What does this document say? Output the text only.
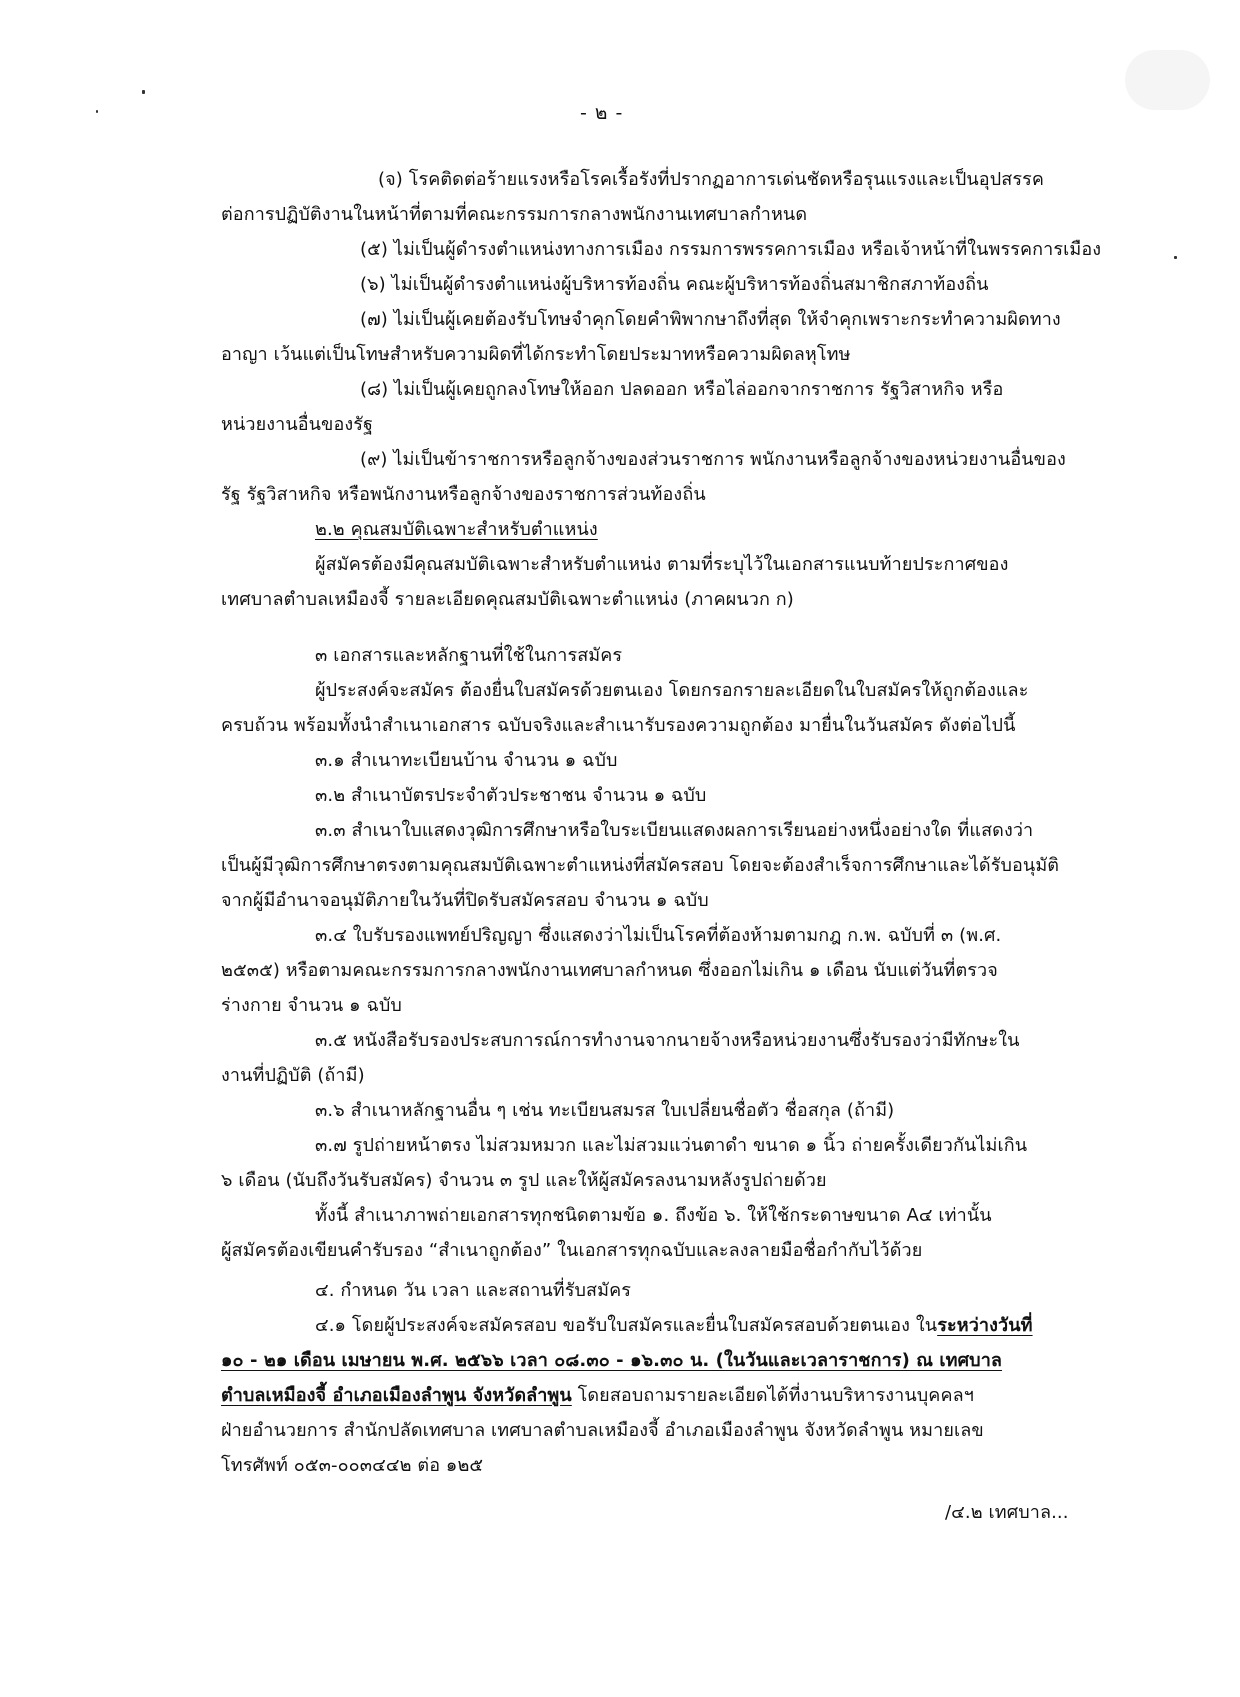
- ๒ -
(จ) โรคติดต่อร้ายแรงหรือโรคเรื้อรังที่ปรากฏอาการเด่นชัดหรือรุนแรงและเป็นอุปสรรค
ต่อการปฏิบัติงานในหน้าที่ตามที่คณะกรรมการกลางพนักงานเทศบาลกำหนด
(๕) ไม่เป็นผู้ดำรงตำแหน่งทางการเมือง กรรมการพรรคการเมือง หรือเจ้าหน้าที่ในพรรคการเมือง
(๖) ไม่เป็นผู้ดำรงตำแหน่งผู้บริหารท้องถิ่น คณะผู้บริหารท้องถิ่นสมาชิกสภาท้องถิ่น
(๗) ไม่เป็นผู้เคยต้องรับโทษจำคุกโดยคำพิพากษาถึงที่สุด ให้จำคุกเพราะกระทำความผิดทาง
อาญา เว้นแต่เป็นโทษสำหรับความผิดที่ได้กระทำโดยประมาทหรือความผิดลหุโทษ
(๘) ไม่เป็นผู้เคยถูกลงโทษให้ออก ปลดออก หรือไล่ออกจากราชการ รัฐวิสาหกิจ หรือ
หน่วยงานอื่นของรัฐ
(๙) ไม่เป็นข้าราชการหรือลูกจ้างของส่วนราชการ พนักงานหรือลูกจ้างของหน่วยงานอื่นของ
รัฐ รัฐวิสาหกิจ หรือพนักงานหรือลูกจ้างของราชการส่วนท้องถิ่น
๒.๒ คุณสมบัติเฉพาะสำหรับตำแหน่ง
ผู้สมัครต้องมีคุณสมบัติเฉพาะสำหรับตำแหน่ง ตามที่ระบุไว้ในเอกสารแนบท้ายประกาศของ
เทศบาลตำบลเหมืองจี้ รายละเอียดคุณสมบัติเฉพาะตำแหน่ง (ภาคผนวก ก)
๓ เอกสารและหลักฐานที่ใช้ในการสมัคร
ผู้ประสงค์จะสมัคร ต้องยื่นใบสมัครด้วยตนเอง โดยกรอกรายละเอียดในใบสมัครให้ถูกต้องและ
ครบถ้วน พร้อมทั้งนำสำเนาเอกสาร ฉบับจริงและสำเนารับรองความถูกต้อง มายื่นในวันสมัคร ดังต่อไปนี้
๓.๑ สำเนาทะเบียนบ้าน จำนวน ๑ ฉบับ
๓.๒ สำเนาบัตรประจำตัวประชาชน จำนวน ๑ ฉบับ
๓.๓ สำเนาใบแสดงวุฒิการศึกษาหรือใบระเบียนแสดงผลการเรียนอย่างหนึ่งอย่างใด ที่แสดงว่า
เป็นผู้มีวุฒิการศึกษาตรงตามคุณสมบัติเฉพาะตำแหน่งที่สมัครสอบ โดยจะต้องสำเร็จการศึกษาและได้รับอนุมัติ
จากผู้มีอำนาจอนุมัติภายในวันที่ปิดรับสมัครสอบ จำนวน ๑ ฉบับ
๓.๔ ใบรับรองแพทย์ปริญญา ซึ่งแสดงว่าไม่เป็นโรคที่ต้องห้ามตามกฎ ก.พ. ฉบับที่ ๓ (พ.ศ.
๒๕๓๕) หรือตามคณะกรรมการกลางพนักงานเทศบาลกำหนด ซึ่งออกไม่เกิน ๑ เดือน นับแต่วันที่ตรวจ
ร่างกาย จำนวน ๑ ฉบับ
๓.๕ หนังสือรับรองประสบการณ์การทำงานจากนายจ้างหรือหน่วยงานซึ่งรับรองว่ามีทักษะใน
งานที่ปฏิบัติ (ถ้ามี)
๓.๖ สำเนาหลักฐานอื่น ๆ เช่น ทะเบียนสมรส ใบเปลี่ยนชื่อตัว ชื่อสกุล (ถ้ามี)
๓.๗ รูปถ่ายหน้าตรง ไม่สวมหมวก และไม่สวมแว่นตาดำ ขนาด ๑ นิ้ว ถ่ายครั้งเดียวกันไม่เกิน
๖ เดือน (นับถึงวันรับสมัคร) จำนวน ๓ รูป และให้ผู้สมัครลงนามหลังรูปถ่ายด้วย
ทั้งนี้ สำเนาภาพถ่ายเอกสารทุกชนิดตามข้อ ๑. ถึงข้อ ๖. ให้ใช้กระดาษขนาด A๔ เท่านั้น
ผู้สมัครต้องเขียนคำรับรอง “สำเนาถูกต้อง” ในเอกสารทุกฉบับและลงลายมือชื่อกำกับไว้ด้วย
๔. กำหนด วัน เวลา และสถานที่รับสมัคร
๔.๑ โดยผู้ประสงค์จะสมัครสอบ ขอรับใบสมัครและยื่นใบสมัครสอบด้วยตนเอง ในระหว่างวันที่
๑๐ - ๒๑ เดือน เมษายน พ.ศ. ๒๕๖๖ เวลา ๐๘.๓๐ - ๑๖.๓๐ น. (ในวันและเวลาราชการ) ณ เทศบาล
ตำบลเหมืองจี้ อำเภอเมืองลำพูน จังหวัดลำพูน โดยสอบถามรายละเอียดได้ที่งานบริหารงานบุคคลฯ
ฝ่ายอำนวยการ สำนักปลัดเทศบาล เทศบาลตำบลเหมืองจี้ อำเภอเมืองลำพูน จังหวัดลำพูน หมายเลข
โทรศัพท์ ๐๕๓-๐๐๓๔๔๒ ต่อ ๑๒๕
/๔.๒ เทศบาล...
